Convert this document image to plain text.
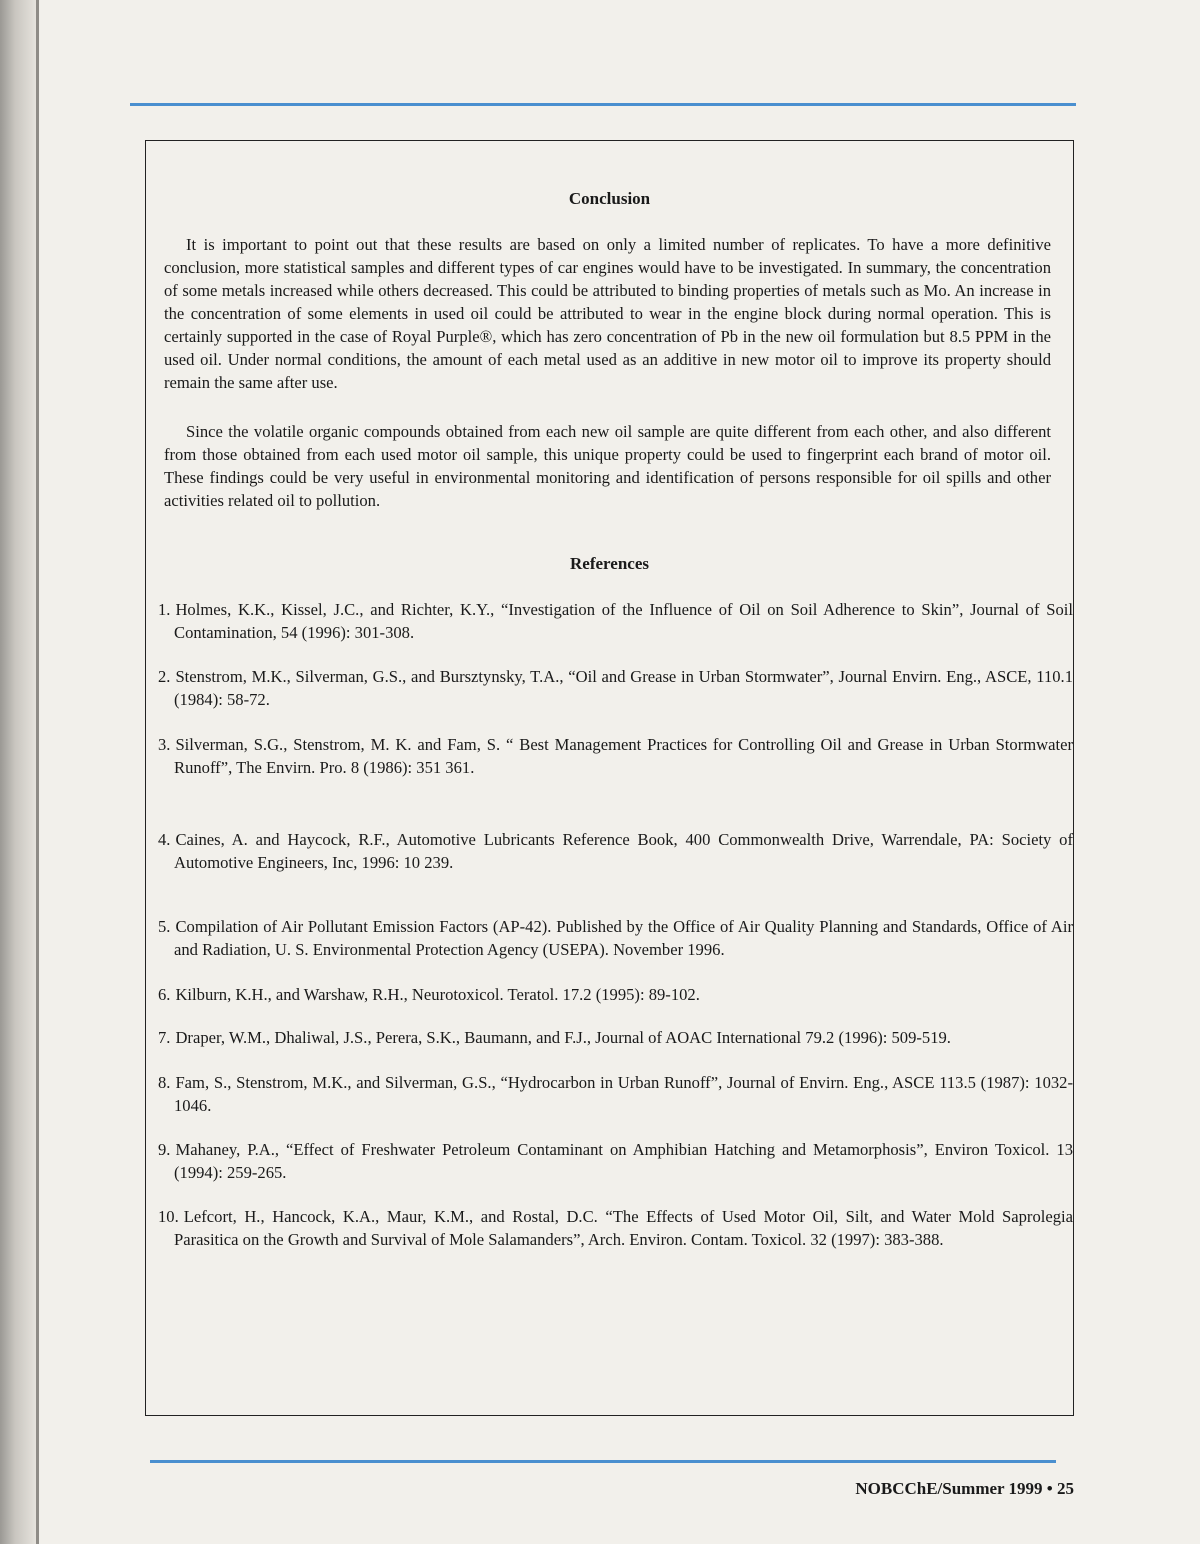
Conclusion

It is important to point out that these results are based on only a limited number of replicates. To have a more definitive conclusion, more statistical samples and different types of car engines would have to be investigated. In summary, the concentration of some metals increased while others decreased. This could be attributed to binding properties of metals such as Mo. An increase in the concentration of some elements in used oil could be attributed to wear in the engine block during normal operation. This is certainly supported in the case of Royal Purple®, which has zero concentration of Pb in the new oil formulation but 8.5 PPM in the used oil. Under normal conditions, the amount of each metal used as an additive in new motor oil to improve its property should remain the same after use.

Since the volatile organic compounds obtained from each new oil sample are quite different from each other, and also different from those obtained from each used motor oil sample, this unique property could be used to fingerprint each brand of motor oil. These findings could be very useful in environmental monitoring and identification of persons responsible for oil spills and other activities related oil to pollution.

References

1. Holmes, K.K., Kissel, J.C., and Richter, K.Y., “Investigation of the Influence of Oil on Soil Adherence to Skin”, Journal of Soil Contamination, 54 (1996): 301-308.

2. Stenstrom, M.K., Silverman, G.S., and Bursztynsky, T.A., “Oil and Grease in Urban Stormwater”, Journal Envirn. Eng., ASCE, 110.1 (1984): 58-72.

3. Silverman, S.G., Stenstrom, M. K. and Fam, S. “ Best Management Practices for Controlling Oil and Grease in Urban Stormwater Runoff”, The Envirn. Pro. 8 (1986): 351 361.

4. Caines, A. and Haycock, R.F., Automotive Lubricants Reference Book, 400 Commonwealth Drive, Warrendale, PA: Society of Automotive Engineers, Inc, 1996: 10 239.

5. Compilation of Air Pollutant Emission Factors (AP-42). Published by the Office of Air Quality Planning and Standards, Office of Air and Radiation, U. S. Environmental Protection Agency (USEPA). November 1996.

6. Kilburn, K.H., and Warshaw, R.H., Neurotoxicol. Teratol. 17.2 (1995): 89-102.

7. Draper, W.M., Dhaliwal, J.S., Perera, S.K., Baumann, and F.J., Journal of AOAC International 79.2 (1996): 509-519.

8. Fam, S., Stenstrom, M.K., and Silverman, G.S., “Hydrocarbon in Urban Runoff”, Journal of Envirn. Eng., ASCE 113.5 (1987): 1032-1046.

9. Mahaney, P.A., “Effect of Freshwater Petroleum Contaminant on Amphibian Hatching and Metamorphosis”, Environ Toxicol. 13 (1994): 259-265.

10. Lefcort, H., Hancock, K.A., Maur, K.M., and Rostal, D.C. “The Effects of Used Motor Oil, Silt, and Water Mold Saprolegia Parasitica on the Growth and Survival of Mole Salamanders”, Arch. Environ. Contam. Toxicol. 32 (1997): 383-388.

NOBCChE/Summer 1999 • 25
